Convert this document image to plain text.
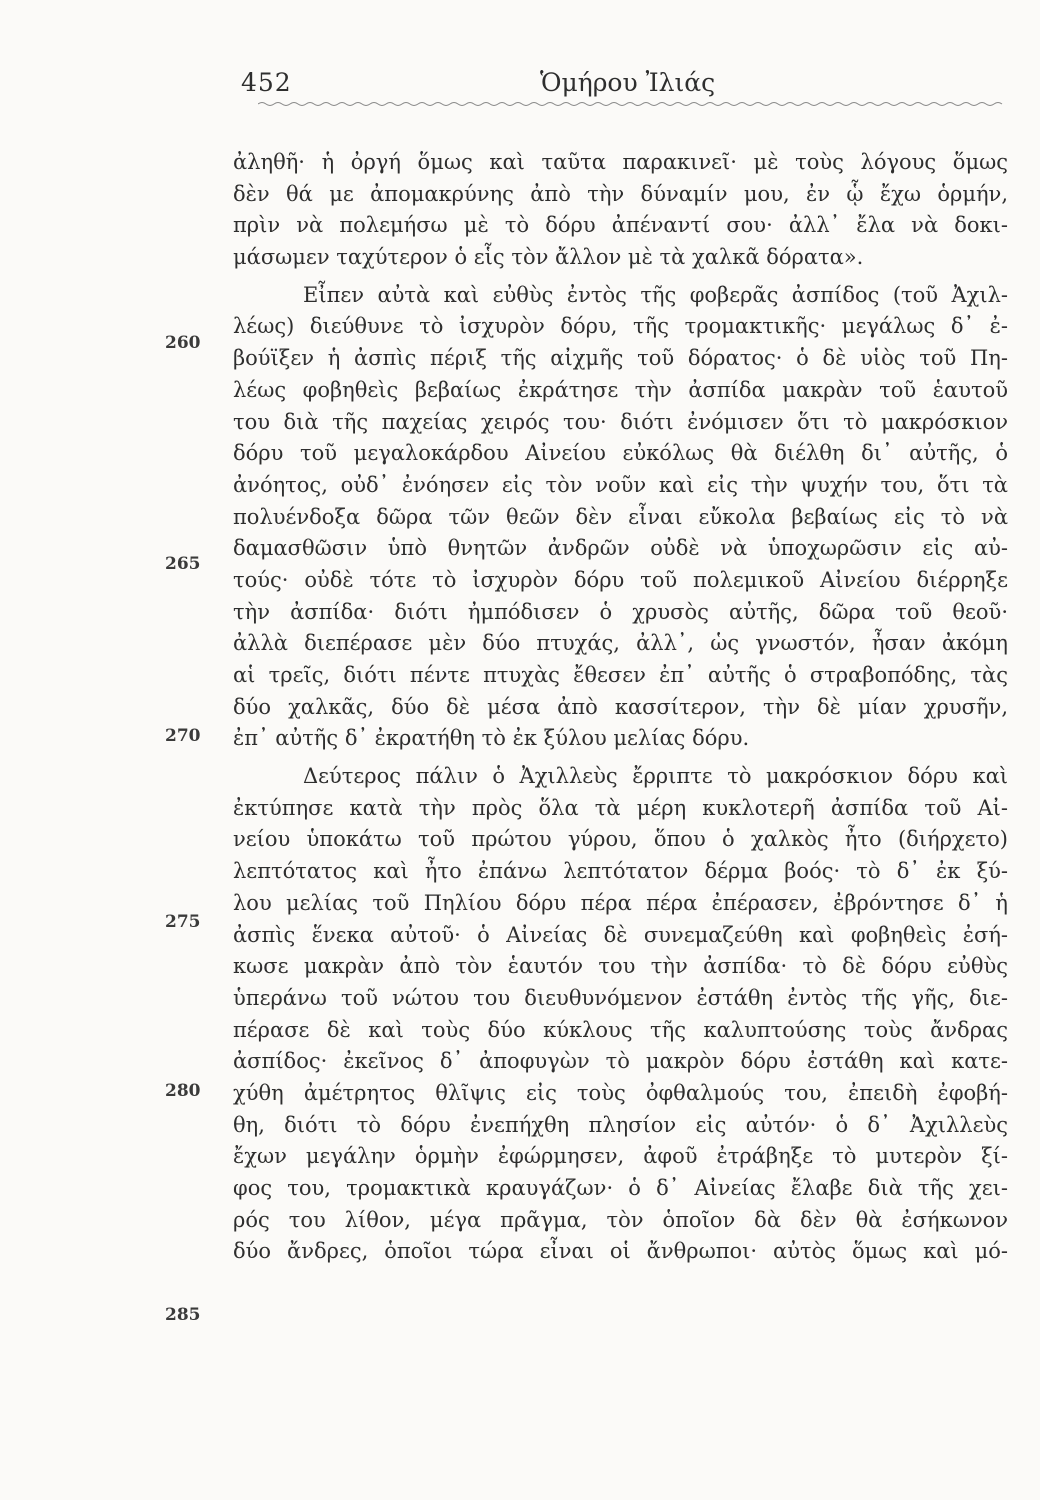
452	Ὁμήρου Ἰλιάς
260
265
270
275
280
285
ἀληθῆ· ἡ ὀργή ὅμως καὶ ταῦτα παρακινεῖ· μὲ τοὺς λόγους ὅμως
δὲν θά με ἀπομακρύνης ἀπὸ τὴν δύναμίν μου, ἐν ᾧ ἔχω ὁρμήν,
πρὶν νὰ πολεμήσω μὲ τὸ δόρυ ἀπέναντί σου· ἀλλ᾿ ἔλα νὰ δοκι-
μάσωμεν ταχύτερον ὁ εἷς τὸν ἄλλον μὲ τὰ χαλκᾶ δόρατα».
Εἶπεν αὐτὰ καὶ εὐθὺς ἐντὸς τῆς φοβερᾶς ἀσπίδος (τοῦ Ἀχιλ-
λέως) διεύθυνε τὸ ἰσχυρὸν δόρυ, τῆς τρομακτικῆς· μεγάλως δ᾿ ἐ-
βούϊξεν ἡ ἀσπὶς πέριξ τῆς αἰχμῆς τοῦ δόρατος· ὁ δὲ υἱὸς τοῦ Πη-
λέως φοβηθεὶς βεβαίως ἐκράτησε τὴν ἀσπίδα μακρὰν τοῦ ἑαυτοῦ
του διὰ τῆς παχείας χειρός του· διότι ἐνόμισεν ὅτι τὸ μακρόσκιον
δόρυ τοῦ μεγαλοκάρδου Αἰνείου εὐκόλως θὰ διέλθη δι᾿ αὐτῆς, ὁ
ἀνόητος, οὐδ᾿ ἐνόησεν εἰς τὸν νοῦν καὶ εἰς τὴν ψυχήν του, ὅτι τὰ
πολυένδοξα δῶρα τῶν θεῶν δὲν εἶναι εὔκολα βεβαίως εἰς τὸ νὰ
δαμασθῶσιν ὑπὸ θνητῶν ἀνδρῶν οὐδὲ νὰ ὑποχωρῶσιν εἰς αὐ-
τούς· οὐδὲ τότε τὸ ἰσχυρὸν δόρυ τοῦ πολεμικοῦ Αἰνείου διέρρηξε
τὴν ἀσπίδα· διότι ἠμπόδισεν ὁ χρυσὸς αὐτῆς, δῶρα τοῦ θεοῦ·
ἀλλὰ διεπέρασε μὲν δύο πτυχάς, ἀλλ᾿, ὡς γνωστόν, ἦσαν ἀκόμη
αἱ τρεῖς, διότι πέντε πτυχὰς ἔθεσεν ἐπ᾿ αὐτῆς ὁ στραβοπόδης, τὰς
δύο χαλκᾶς, δύο δὲ μέσα ἀπὸ κασσίτερον, τὴν δὲ μίαν χρυσῆν,
ἐπ᾿ αὐτῆς δ᾿ ἐκρατήθη τὸ ἐκ ξύλου μελίας δόρυ.
Δεύτερος πάλιν ὁ Ἀχιλλεὺς ἔρριπτε τὸ μακρόσκιον δόρυ καὶ
ἐκτύπησε κατὰ τὴν πρὸς ὅλα τὰ μέρη κυκλοτερῆ ἀσπίδα τοῦ Αἰ-
νείου ὑποκάτω τοῦ πρώτου γύρου, ὅπου ὁ χαλκὸς ἦτο (διήρχετο)
λεπτότατος καὶ ἦτο ἐπάνω λεπτότατον δέρμα βοός· τὸ δ᾿ ἐκ ξύ-
λου μελίας τοῦ Πηλίου δόρυ πέρα πέρα ἐπέρασεν, ἐβρόντησε δ᾿ ἡ
ἀσπὶς ἕνεκα αὐτοῦ· ὁ Αἰνείας δὲ συνεμαζεύθη καὶ φοβηθεὶς ἐσή-
κωσε μακρὰν ἀπὸ τὸν ἑαυτόν του τὴν ἀσπίδα· τὸ δὲ δόρυ εὐθὺς
ὑπεράνω τοῦ νώτου του διευθυνόμενον ἐστάθη ἐντὸς τῆς γῆς, διε-
πέρασε δὲ καὶ τοὺς δύο κύκλους τῆς καλυπτούσης τοὺς ἄνδρας
ἀσπίδος· ἐκεῖνος δ᾿ ἀποφυγὼν τὸ μακρὸν δόρυ ἐστάθη καὶ κατε-
χύθη ἀμέτρητος θλῖψις εἰς τοὺς ὀφθαλμούς του, ἐπειδὴ ἐφοβή-
θη, διότι τὸ δόρυ ἐνεπήχθη πλησίον εἰς αὐτόν· ὁ δ᾿ Ἀχιλλεὺς
ἔχων μεγάλην ὁρμὴν ἐφώρμησεν, ἀφοῦ ἐτράβηξε τὸ μυτερὸν ξί-
φος του, τρομακτικὰ κραυγάζων· ὁ δ᾿ Αἰνείας ἔλαβε διὰ τῆς χει-
ρός του λίθον, μέγα πρᾶγμα, τὸν ὁποῖον δὰ δὲν θὰ ἐσήκωνον
δύο ἄνδρες, ὁποῖοι τώρα εἶναι οἱ ἄνθρωποι· αὐτὸς ὅμως καὶ μό-
